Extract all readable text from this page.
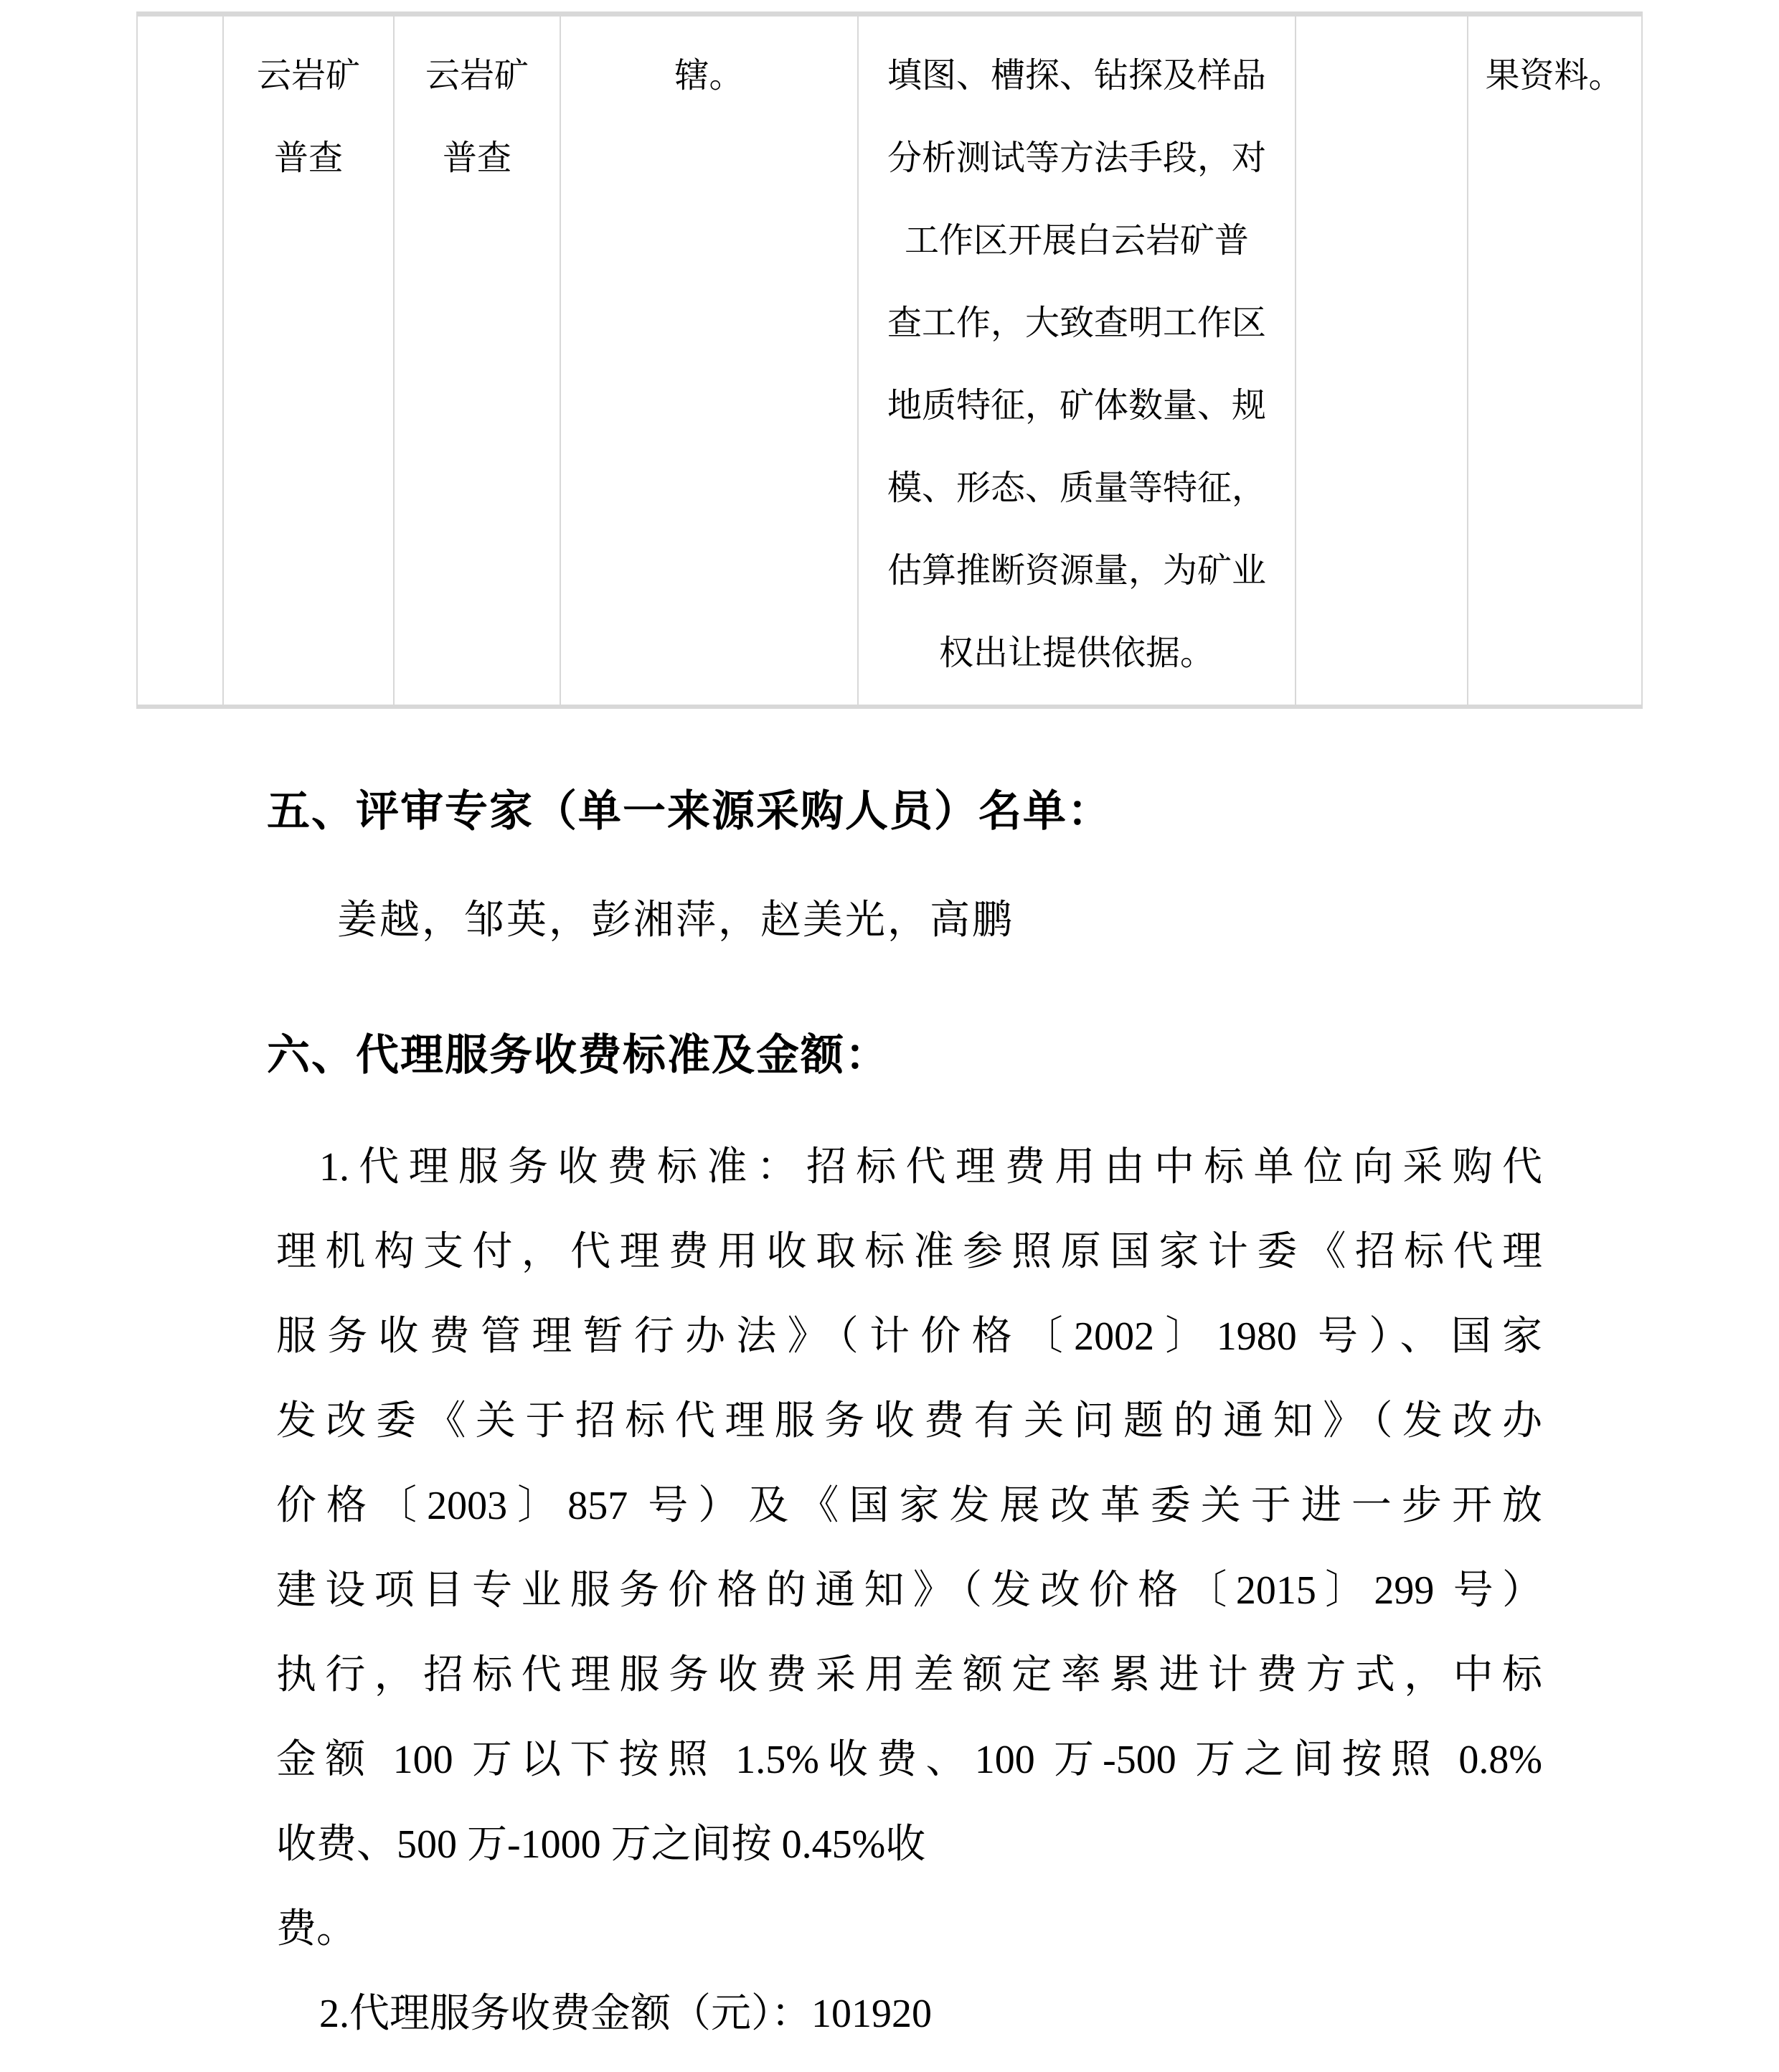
云岩矿
普查
云岩矿
普查
辖。	填图、槽探、钻探及样品
分析测试等方法手段，对
工作区开展白云岩矿普
查工作，大致查明工作区
地质特征，矿体数量、规
模、形态、质量等特征，
估算推断资源量，为矿业
权出让提供依据。
果资料。
五、评审专家（单一来源采购人员）名单：
姜越，邹英，彭湘萍，赵美光，高鹏
六、代理服务收费标准及金额：
1.代理服务收费标准：招标代理费用由中标单位向采购代
理机构支付，代理费用收取标准参照原国家计委《招标代理
服务收费管理暂行办法》（计价格〔2002〕1980 号）、国家
发改委《关于招标代理服务收费有关问题的通知》（发改办
价格〔2003〕857 号）及《国家发展改革委关于进一步开放
建设项目专业服务价格的通知》（发改价格〔2015〕299 号）
执行，招标代理服务收费采用差额定率累进计费方式，中标
金额 100 万以下按照 1.5%收费、100 万-500 万之间按照 0.8%
收费、500 万-1000 万之间按 0.45%收
费。
2.代理服务收费金额（元）：101920
